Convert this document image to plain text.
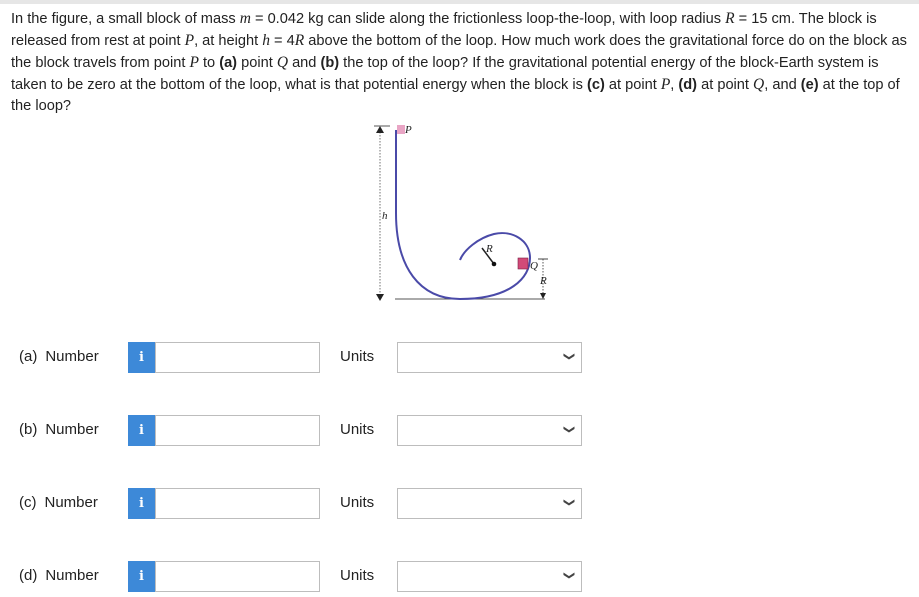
In the figure, a small block of mass m = 0.042 kg can slide along the frictionless loop-the-loop, with loop radius R = 15 cm. The block is released from rest at point P, at height h = 4R above the bottom of the loop. How much work does the gravitational force do on the block as the block travels from point P to (a) point Q and (b) the top of the loop? If the gravitational potential energy of the block-Earth system is taken to be zero at the bottom of the loop, what is that potential energy when the block is (c) at point P, (d) at point Q, and (e) at the top of the loop?
h
R
P
Q
R
(a) Number	i	Units	❯
(b) Number	i	Units	❯
(c) Number	i	Units	❯
(d) Number	i	Units	❯
